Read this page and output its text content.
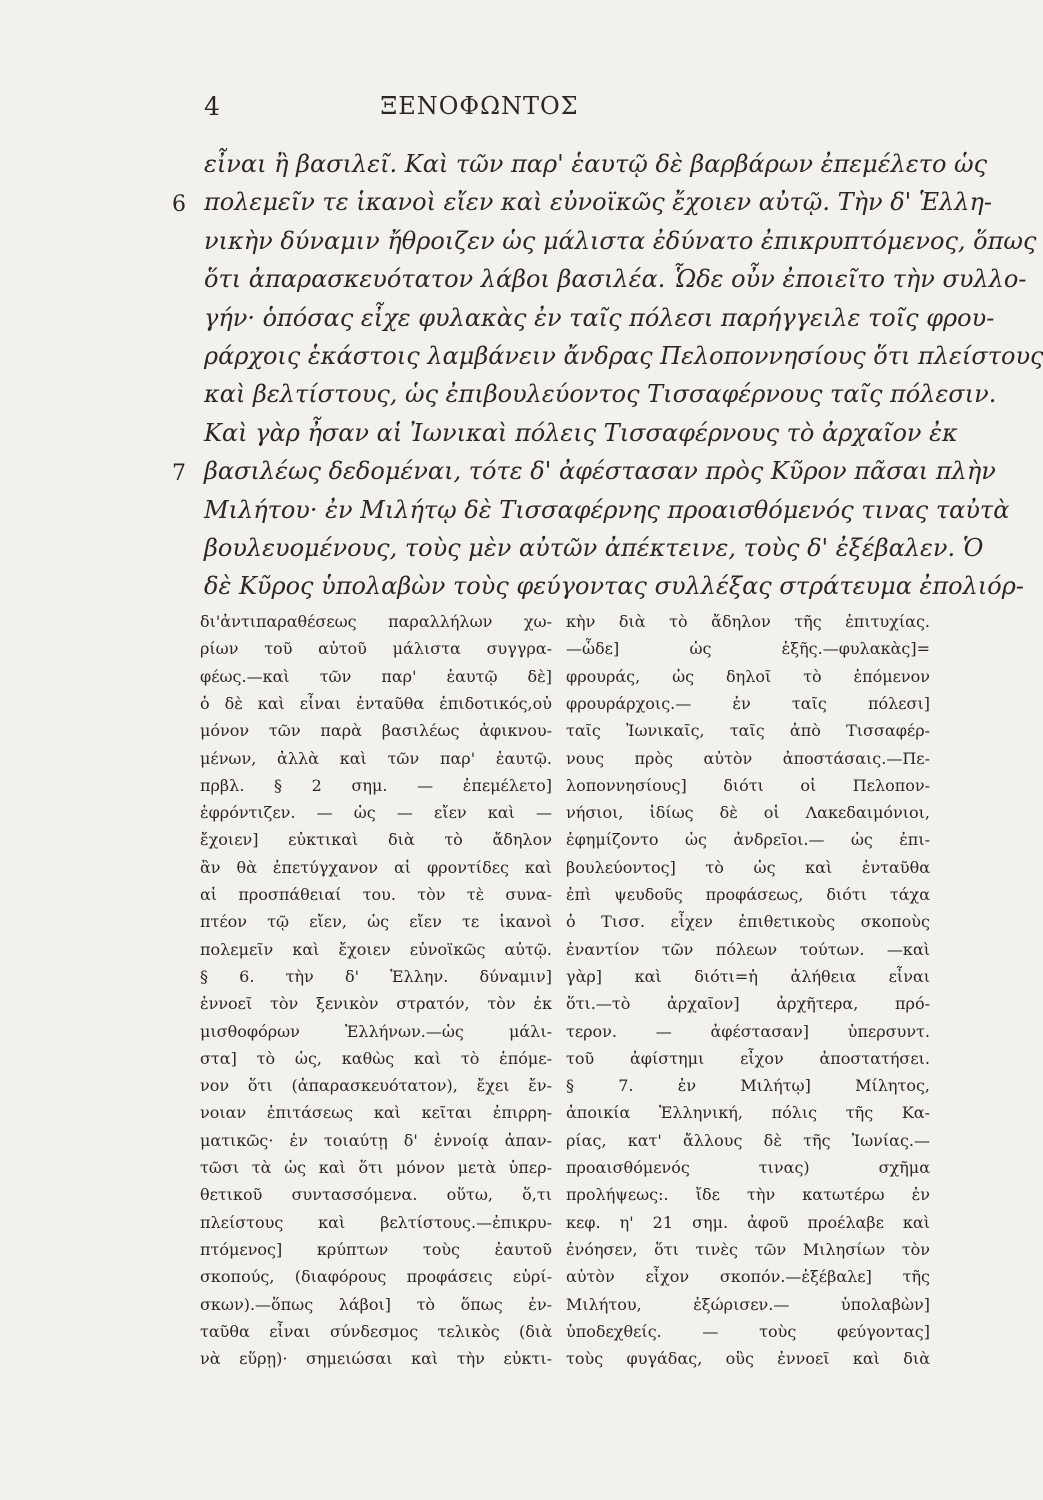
4	ΞΕΝΟΦΩΝΤΟΣ
εἶναι ἢ βασιλεῖ. Καὶ τῶν παρ' ἑαυτῷ δὲ βαρβάρων ἐπεμέλετο ὡς
πολεμεῖν τε ἱκανοὶ εἴεν καὶ εὐνοϊκῶς ἔχοιεν αὐτῷ. Τὴν δ' Ἑλλη-
νικὴν δύναμιν ἤθροιζεν ὡς μάλιστα ἐδύνατο ἐπικρυπτόμενος, ὅπως
ὅτι ἀπαρασκευότατον λάβοι βασιλέα. Ὧδε οὖν ἐποιεῖτο τὴν συλλο-
γήν· ὁπόσας εἶχε φυλακὰς ἐν ταῖς πόλεσι παρήγγειλε τοῖς φρου-
ράρχοις ἑκάστοις λαμβάνειν ἄνδρας Πελοποννησίους ὅτι πλείστους
καὶ βελτίστους, ὡς ἐπιβουλεύοντος Τισσαφέρνους ταῖς πόλεσιν.
Καὶ γὰρ ἦσαν αἱ Ἰωνικαὶ πόλεις Τισσαφέρνους τὸ ἀρχαῖον ἐκ
βασιλέως δεδομέναι, τότε δ' ἀφέστασαν πρὸς Κῦρον πᾶσαι πλὴν
Μιλήτου· ἐν Μιλήτῳ δὲ Τισσαφέρνης προαισθόμενός τινας ταὐτὰ
βουλευομένους, τοὺς μὲν αὐτῶν ἀπέκτεινε, τοὺς δ' ἐξέβαλεν. Ὁ
δὲ Κῦρος ὑπολαβὼν τοὺς φεύγοντας συλλέξας στράτευμα ἐπολιόρ-
6
7
δι'ἀντιπαραθέσεως παραλλήλων χω-
ρίων τοῦ αὐτοῦ μάλιστα συγγρα-
φέως.—καὶ τῶν παρ' ἑαυτῷ δὲ]
ὁ δὲ καὶ εἶναι ἐνταῦθα ἐπιδοτικός,οὐ
μόνον τῶν παρὰ βασιλέως ἀφικνου-
μένων, ἀλλὰ καὶ τῶν παρ' ἑαυτῷ.
πρβλ. § 2 σημ. — ἐπεμέλετο]
ἐφρόντιζεν. — ὡς — εἴεν καὶ —
ἔχοιεν] εὐκτικαὶ διὰ τὸ ἄδηλον
ἂν θὰ ἐπετύγχανον αἱ φροντίδες καὶ
αἱ προσπάθειαί του. τὸν τὲ συνα-
πτέον τῷ εἴεν, ὡς εἴεν τε ἱκανοὶ
πολεμεῖν καὶ ἔχοιεν εὐνοϊκῶς αὐτῷ.
§ 6. τὴν δ' Ἑλλην. δύναμιν]
ἐννοεῖ τὸν ξενικὸν στρατόν, τὸν ἐκ
μισθοφόρων Ἑλλήνων.—ὡς μάλι-
στα] τὸ ὡς, καθὼς καὶ τὸ ἑπόμε-
νον ὅτι (ἀπαρασκευότατον), ἔχει ἔν-
νοιαν ἐπιτάσεως καὶ κεῖται ἐπιρρη-
ματικῶς· ἐν τοιαύτῃ δ' ἐννοίᾳ ἀπαν-
τῶσι τὰ ὡς καὶ ὅτι μόνον μετὰ ὑπερ-
θετικοῦ συντασσόμενα. οὕτω, ὅ,τι
πλείστους καὶ βελτίστους.—ἐπικρυ-
πτόμενος] κρύπτων τοὺς ἑαυτοῦ
σκοπούς, (διαφόρους προφάσεις εὑρί-
σκων).—ὅπως λάβοι] τὸ ὅπως ἐν-
ταῦθα εἶναι σύνδεσμος τελικὸς (διὰ
νὰ εὕρῃ)· σημειώσαι καὶ τὴν εὐκτι-
κὴν διὰ τὸ ἄδηλον τῆς ἐπιτυχίας.
—ὧδε] ὡς ἑξῆς.—φυλακὰς]=
φρουράς, ὡς δηλοῖ τὸ ἑπόμενον
φρουράρχοις.— ἐν ταῖς πόλεσι]
ταῖς Ἰωνικαῖς, ταῖς ἀπὸ Τισσαφέρ-
νους πρὸς αὐτὸν ἀποστάσαις.—Πε-
λοποννησίους] διότι οἱ Πελοπον-
νήσιοι, ἰδίως δὲ οἱ Λακεδαιμόνιοι,
ἐφημίζοντο ὡς ἀνδρεῖοι.— ὡς ἐπι-
βουλεύοντος] τὸ ὡς καὶ ἐνταῦθα
ἐπὶ ψευδοῦς προφάσεως, διότι τάχα
ὁ Τισσ. εἶχεν ἐπιθετικοὺς σκοποὺς
ἐναντίον τῶν πόλεων τούτων. —καὶ
γὰρ] καὶ διότι=ἡ ἀλήθεια εἶναι
ὅτι.—τὸ ἀρχαῖον] ἀρχῆτερα, πρό-
τερον. — ἀφέστασαν] ὑπερσυντ.
τοῦ ἀφίστημι εἶχον ἀποστατήσει.
§ 7. ἐν Μιλήτῳ] Μίλητος,
ἀποικία Ἑλληνική, πόλις τῆς Κα-
ρίας, κατ' ἄλλους δὲ τῆς Ἰωνίας.—
προαισθόμενός τινας) σχῆμα
προλήψεως:. ἴδε τὴν κατωτέρω ἐν
κεφ. η' 21 σημ. ἀφοῦ προέλαβε καὶ
ἐνόησεν, ὅτι τινὲς τῶν Μιλησίων τὸν
αὐτὸν εἶχον σκοπόν.—ἐξέβαλε] τῆς
Μιλήτου, ἐξώρισεν.— ὑπολαβὼν]
ὑποδεχθείς. — τοὺς φεύγοντας]
τοὺς φυγάδας, οὓς ἐννοεῖ καὶ διὰ
